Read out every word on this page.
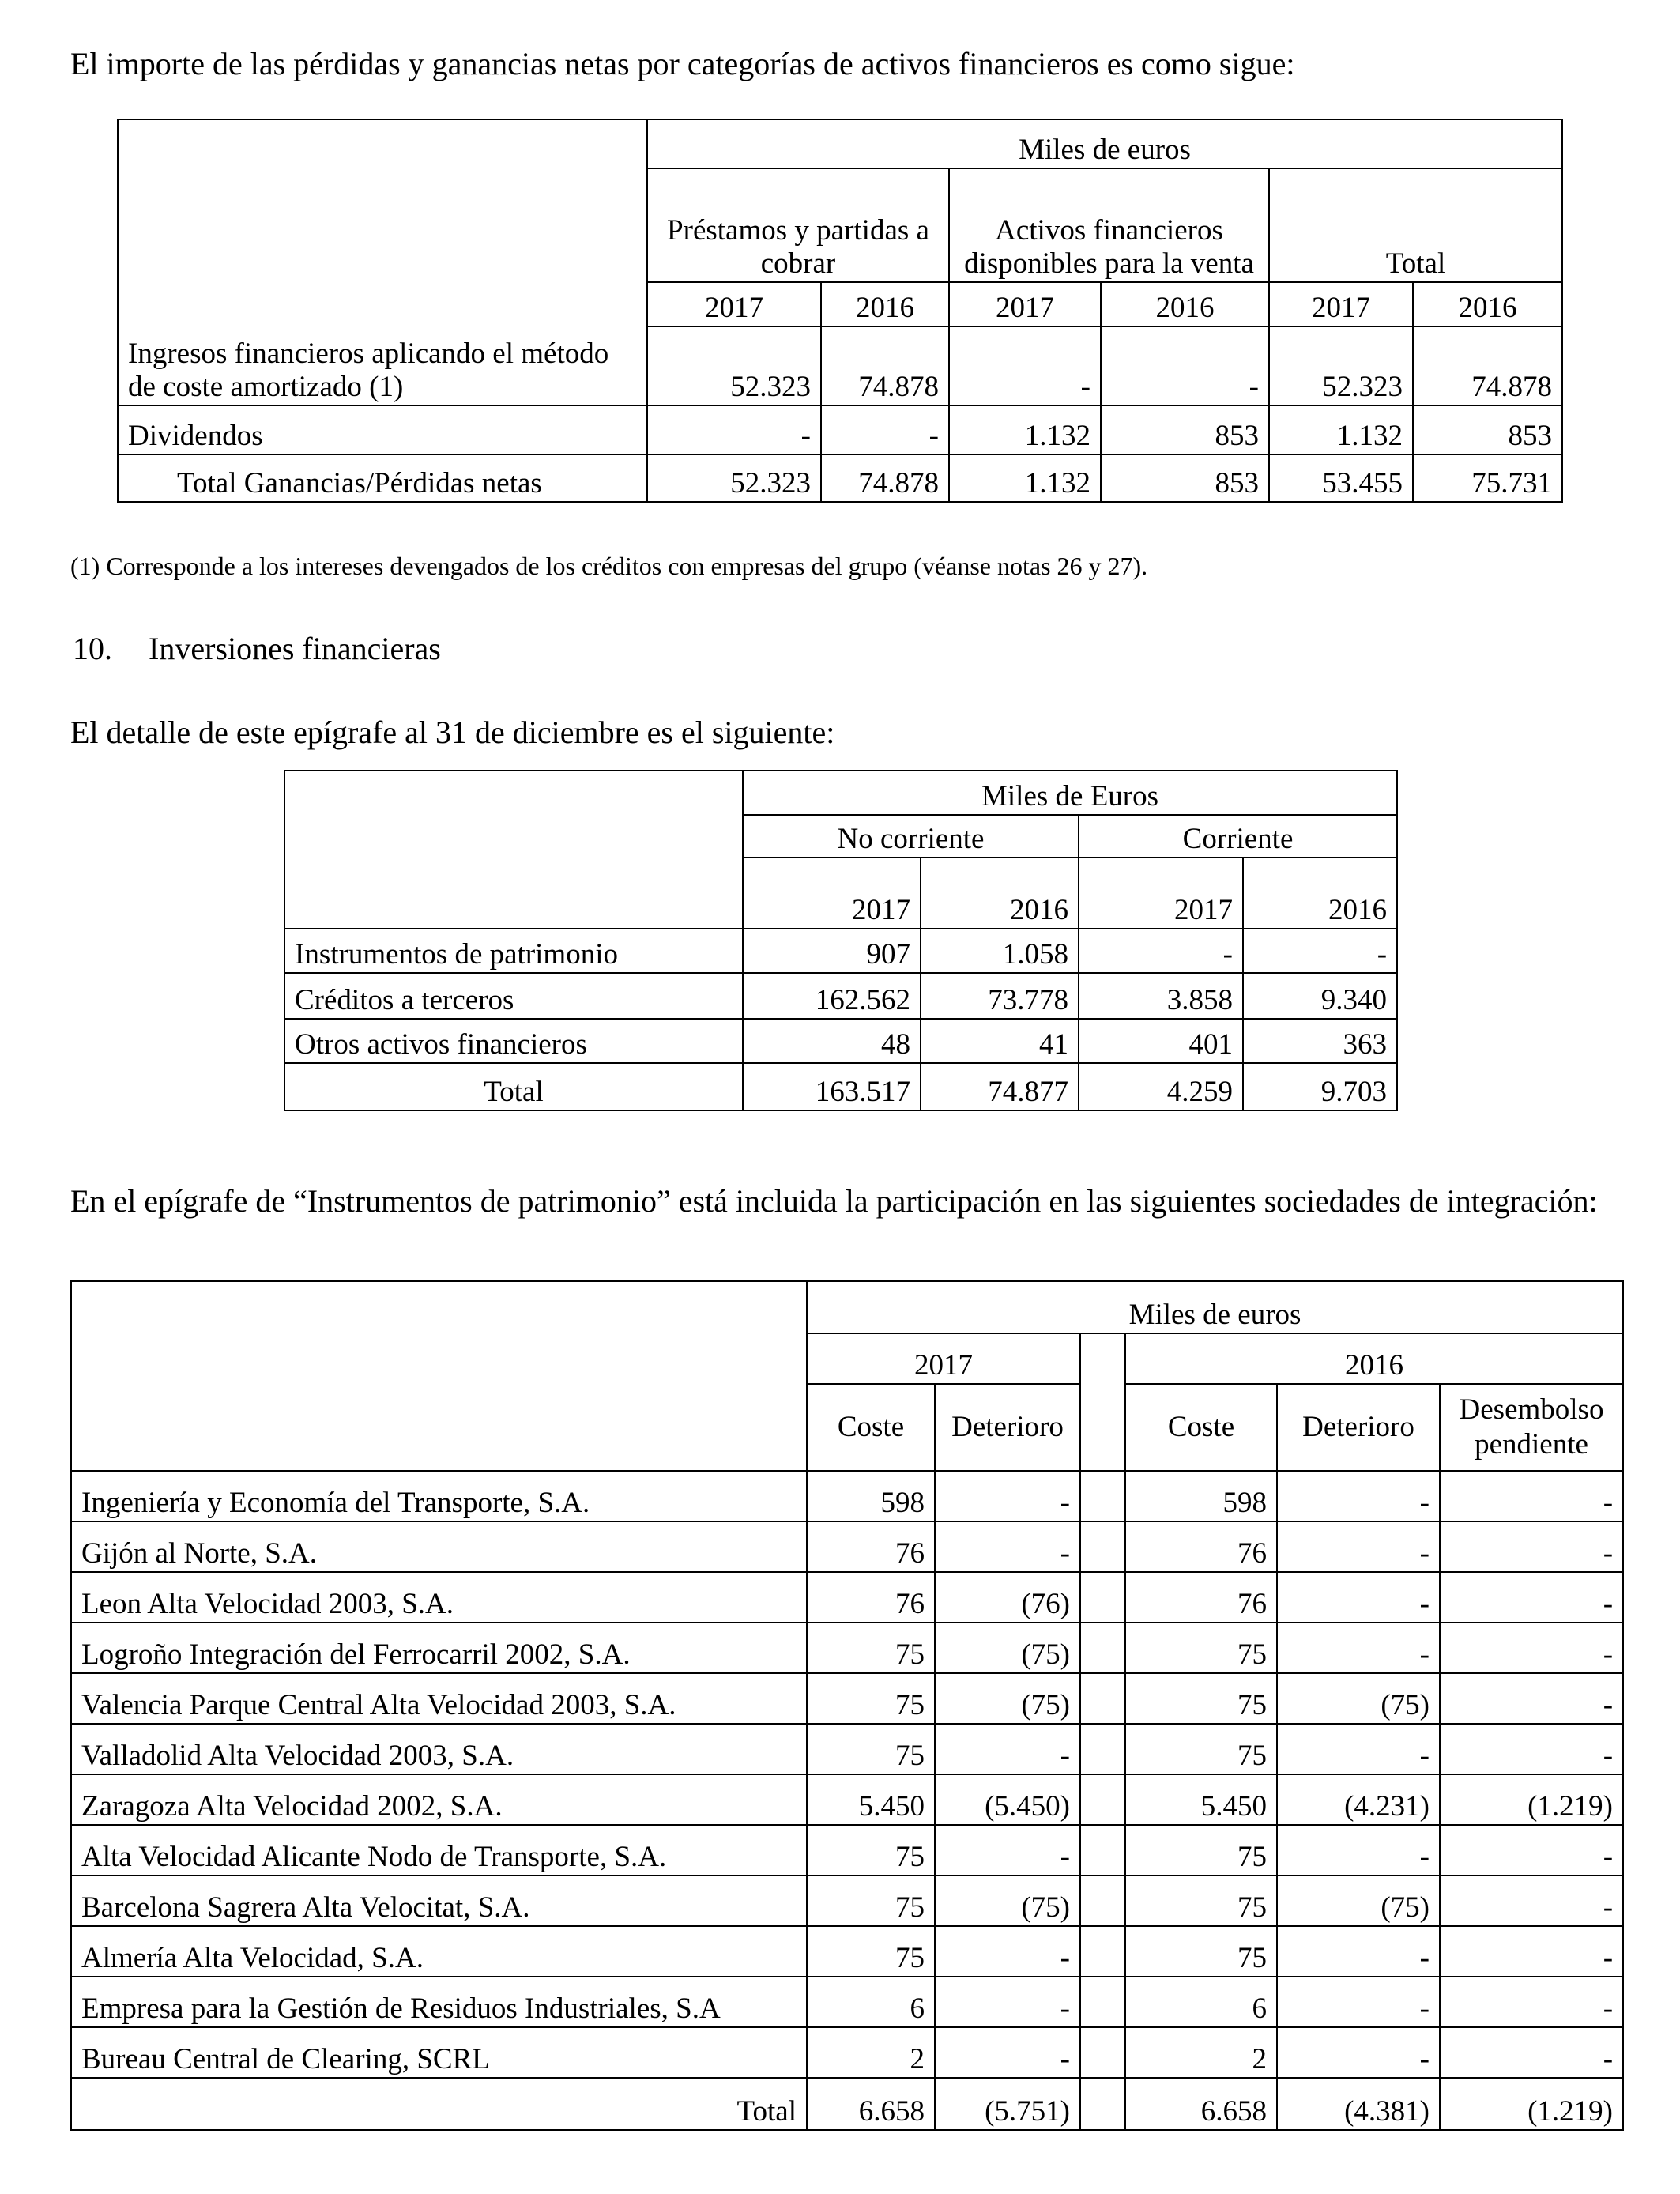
El importe de las pérdidas y ganancias netas por categorías de activos financieros es como sigue:
	Miles de euros					
	Préstamos y partidas a cobrar		Activos financieros disponibles para la venta		Total	
	2017	2016	2017	2016	2017	2016
Ingresos financieros aplicando el método de coste amortizado (1)	52.323	74.878	-	-	52.323	74.878
Dividendos	-	-	1.132	853	1.132	853
Total Ganancias/Pérdidas netas	52.323	74.878	1.132	853	53.455	75.731
(1) Corresponde a los intereses devengados de los créditos con empresas del grupo (véanse notas 26 y 27).
10. Inversiones financieras
El detalle de este epígrafe al 31 de diciembre es el siguiente:
	Miles de Euros			
	No corriente		Corriente	
	2017	2016	2017	2016
Instrumentos de patrimonio	907	1.058	-	-
Créditos a terceros	162.562	73.778	3.858	9.340
Otros activos financieros	48	41	401	363
Total	163.517	74.877	4.259	9.703
En el epígrafe de “Instrumentos de patrimonio” está incluida la participación en las siguientes sociedades de integración:
	Miles de euros					
	2017			2016		
	Coste	Deterioro		Coste	Deterioro	Desembolso pendiente
Ingeniería y Economía del Transporte, S.A.	598	-		598	-	-
Gijón al Norte, S.A.	76	-		76	-	-
Leon Alta Velocidad 2003, S.A.	76	(76)		76	-	-
Logroño Integración del Ferrocarril 2002, S.A.	75	(75)		75	-	-
Valencia Parque Central Alta Velocidad 2003, S.A.	75	(75)		75	(75)	-
Valladolid Alta Velocidad 2003, S.A.	75	-		75	-	-
Zaragoza Alta Velocidad 2002, S.A.	5.450	(5.450)		5.450	(4.231)	(1.219)
Alta Velocidad Alicante Nodo de Transporte, S.A.	75	-		75	-	-
Barcelona Sagrera Alta Velocitat, S.A.	75	(75)		75	(75)	-
Almería Alta Velocidad, S.A.	75	-		75	-	-
Empresa para la Gestión de Residuos Industriales, S.A	6	-		6	-	-
Bureau Central de Clearing, SCRL	2	-		2	-	-
Total	6.658	(5.751)		6.658	(4.381)	(1.219)
